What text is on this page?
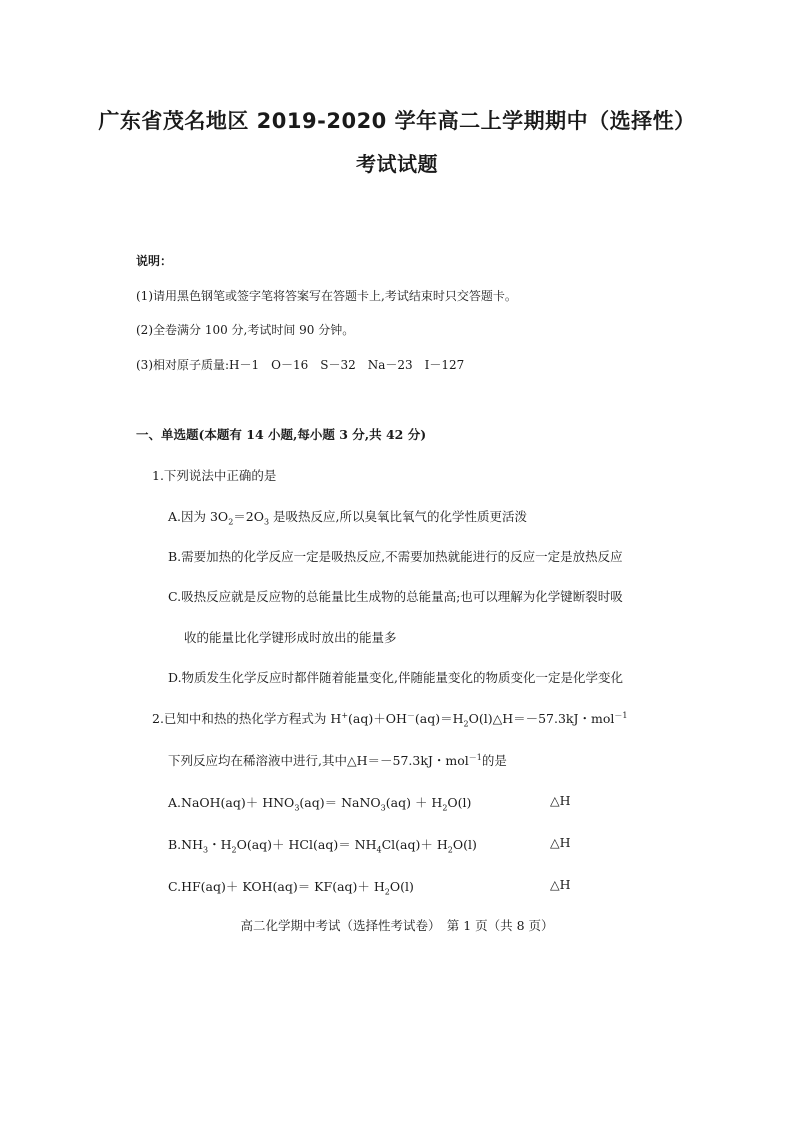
广东省茂名地区 2019-2020 学年高二上学期期中（选择性）
考试试题
说明：
(1)请用黑色钢笔或签字笔将答案写在答题卡上,考试结束时只交答题卡。
(2)全卷满分 100 分,考试时间 90 分钟。
(3)相对原子质量:H－1　O－16　S－32　Na－23　I－127
一、单选题(本题有 14 小题,每小题 3 分,共 42 分)
1.下列说法中正确的是
A.因为 $3O_2=2O_3$ 是吸热反应,所以臭氧比氧气的化学性质更活泼
B.需要加热的化学反应一定是吸热反应,不需要加热就能进行的反应一定是放热反应
C.吸热反应就是反应物的总能量比生成物的总能量高;也可以理解为化学键断裂时吸
收的能量比化学键形成时放出的能量多
D.物质发生化学反应时都伴随着能量变化,伴随能量变化的物质变化一定是化学变化
2.已知中和热的热化学方程式为 $H^+(aq)+OH^-(aq)=H_2O(l)\triangle H=-57.3kJ$・mol$^{-1}$
下列反应均在稀溶液中进行,其中△H＝－57.3kJ・mol$^{-1}$的是
A.NaOH(aq)＋ $HNO_3(aq)=$ NaNO$_3$(aq) ＋ $H_2O(l)$	△H
$B.NH_3$・$H_2O(aq)+ HCl(aq)= NH_4Cl(aq)+ H_2O(l)$	△H
$C.HF(aq)+ KOH(aq)= KF(aq)+ H_2O(l)$	△H
高二化学期中考试（选择性考试卷）　第 1 页（共 8 页）
